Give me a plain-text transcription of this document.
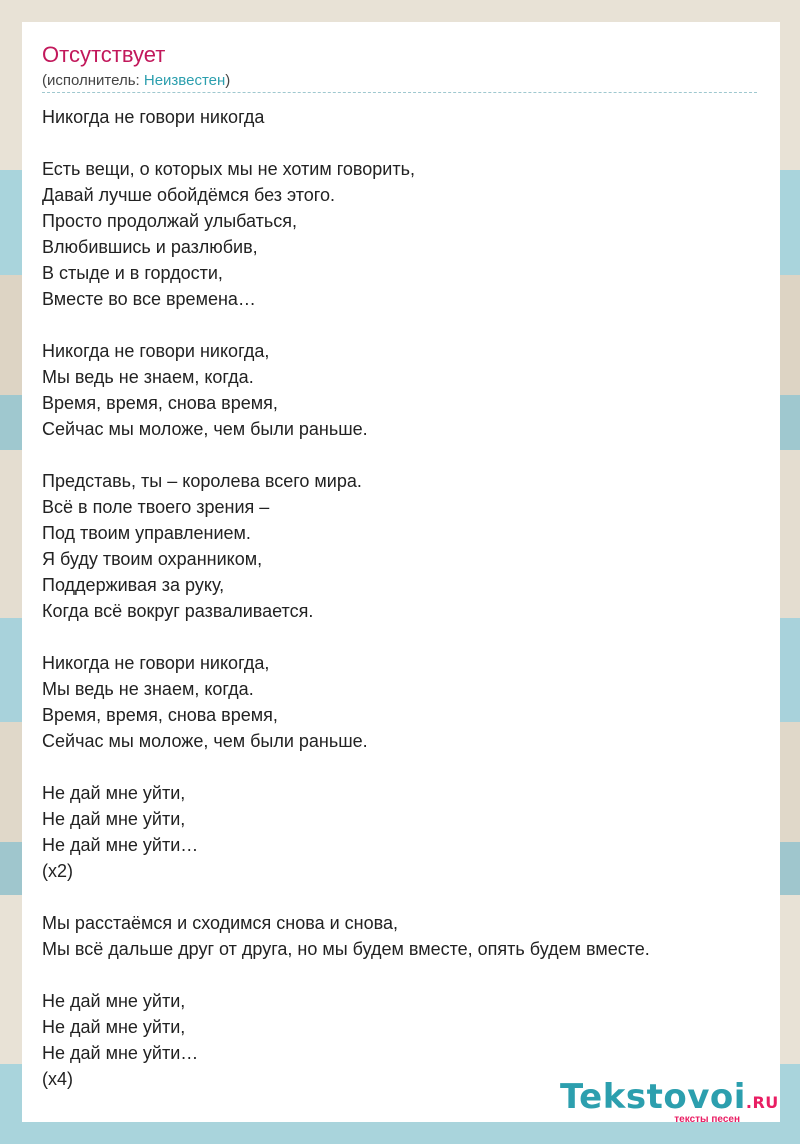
Отсутствует
(исполнитель: Неизвестен)
Никогда не говори никогда

Есть вещи, о которых мы не хотим говорить,
Давай лучше обойдёмся без этого.
Просто продолжай улыбаться,
Влюбившись и разлюбив,
В стыде и в гордости,
Вместе во все времена…

Никогда не говори никогда,
Мы ведь не знаем, когда.
Время, время, снова время,
Сейчас мы моложе, чем были раньше.

Представь, ты – королева всего мира.
Всё в поле твоего зрения –
Под твоим управлением.
Я буду твоим охранником,
Поддерживая за руку,
Когда всё вокруг разваливается.

Никогда не говори никогда,
Мы ведь не знаем, когда.
Время, время, снова время,
Сейчас мы моложе, чем были раньше.

Не дай мне уйти,
Не дай мне уйти,
Не дай мне уйти…
(x2)

Мы расстаёмся и сходимся снова и снова,
Мы всё дальше друг от друга, но мы будем вместе, опять будем вместе.

Не дай мне уйти,
Не дай мне уйти,
Не дай мне уйти…
(x4)	Tekstovoi.RU
тексты песен
